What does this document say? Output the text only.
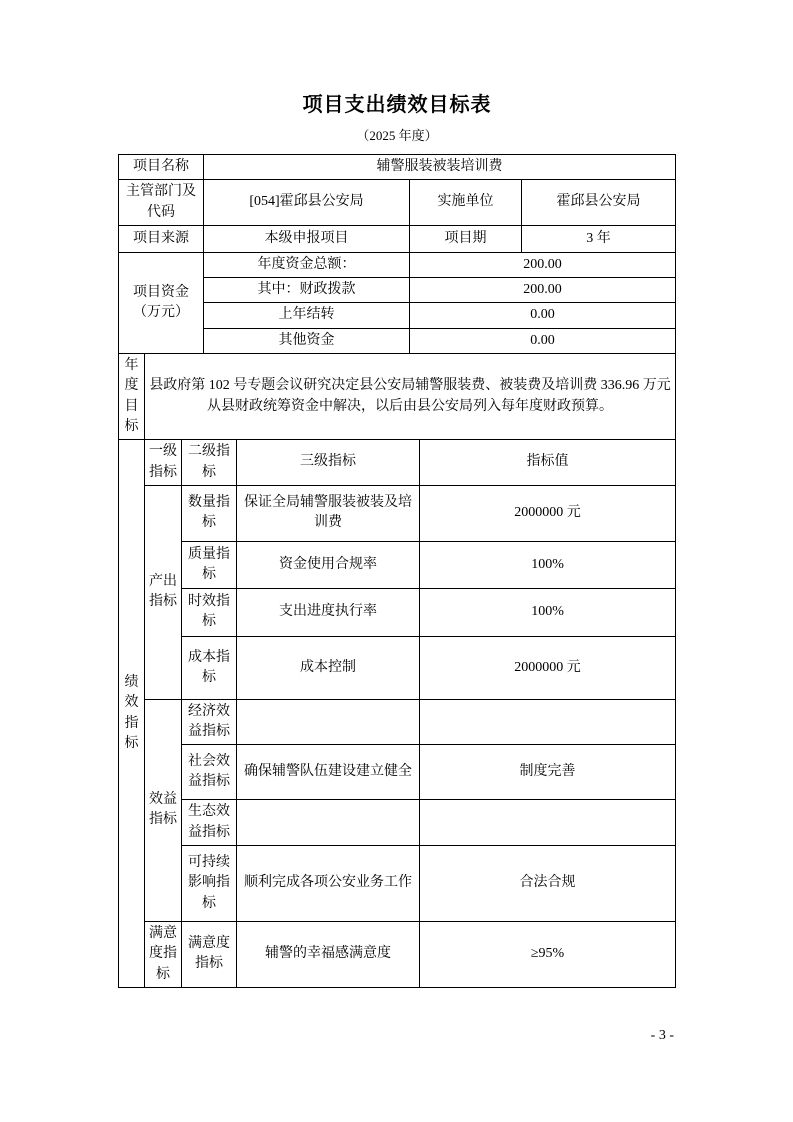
项目支出绩效目标表
（2025 年度）
项目名称			辅警服装被装培训费				
主管部门及代码			[054]霍邱县公安局		实施单位		霍邱县公安局
项目来源			本级申报项目		项目期		3 年
项目资金（万元）			年度资金总额：		200.00		
			其中：财政拨款		200.00		
			上年结转		0.00		
			其他资金		0.00		
年度目标	县政府第 102 号专题会议研究决定县公安局辅警服装费、被装费及培训费 336.96 万元从县财政统筹资金中解决，以后由县公安局列入每年度财政预算。						
绩效指标	一级指标	二级指标		三级指标		指标值	
	产出指标	数量指标		保证全局辅警服装被装及培训费		2000000 元	
		质量指标		资金使用合规率		100%	
		时效指标		支出进度执行率		100%	
		成本指标		成本控制		2000000 元	
	效益指标	经济效益指标					
		社会效益指标		确保辅警队伍建设建立健全		制度完善	
		生态效益指标					
		可持续影响指标		顺利完成各项公安业务工作		合法合规	
	满意度指标	满意度指标		辅警的幸福感满意度		≥95%	
- 3 -
